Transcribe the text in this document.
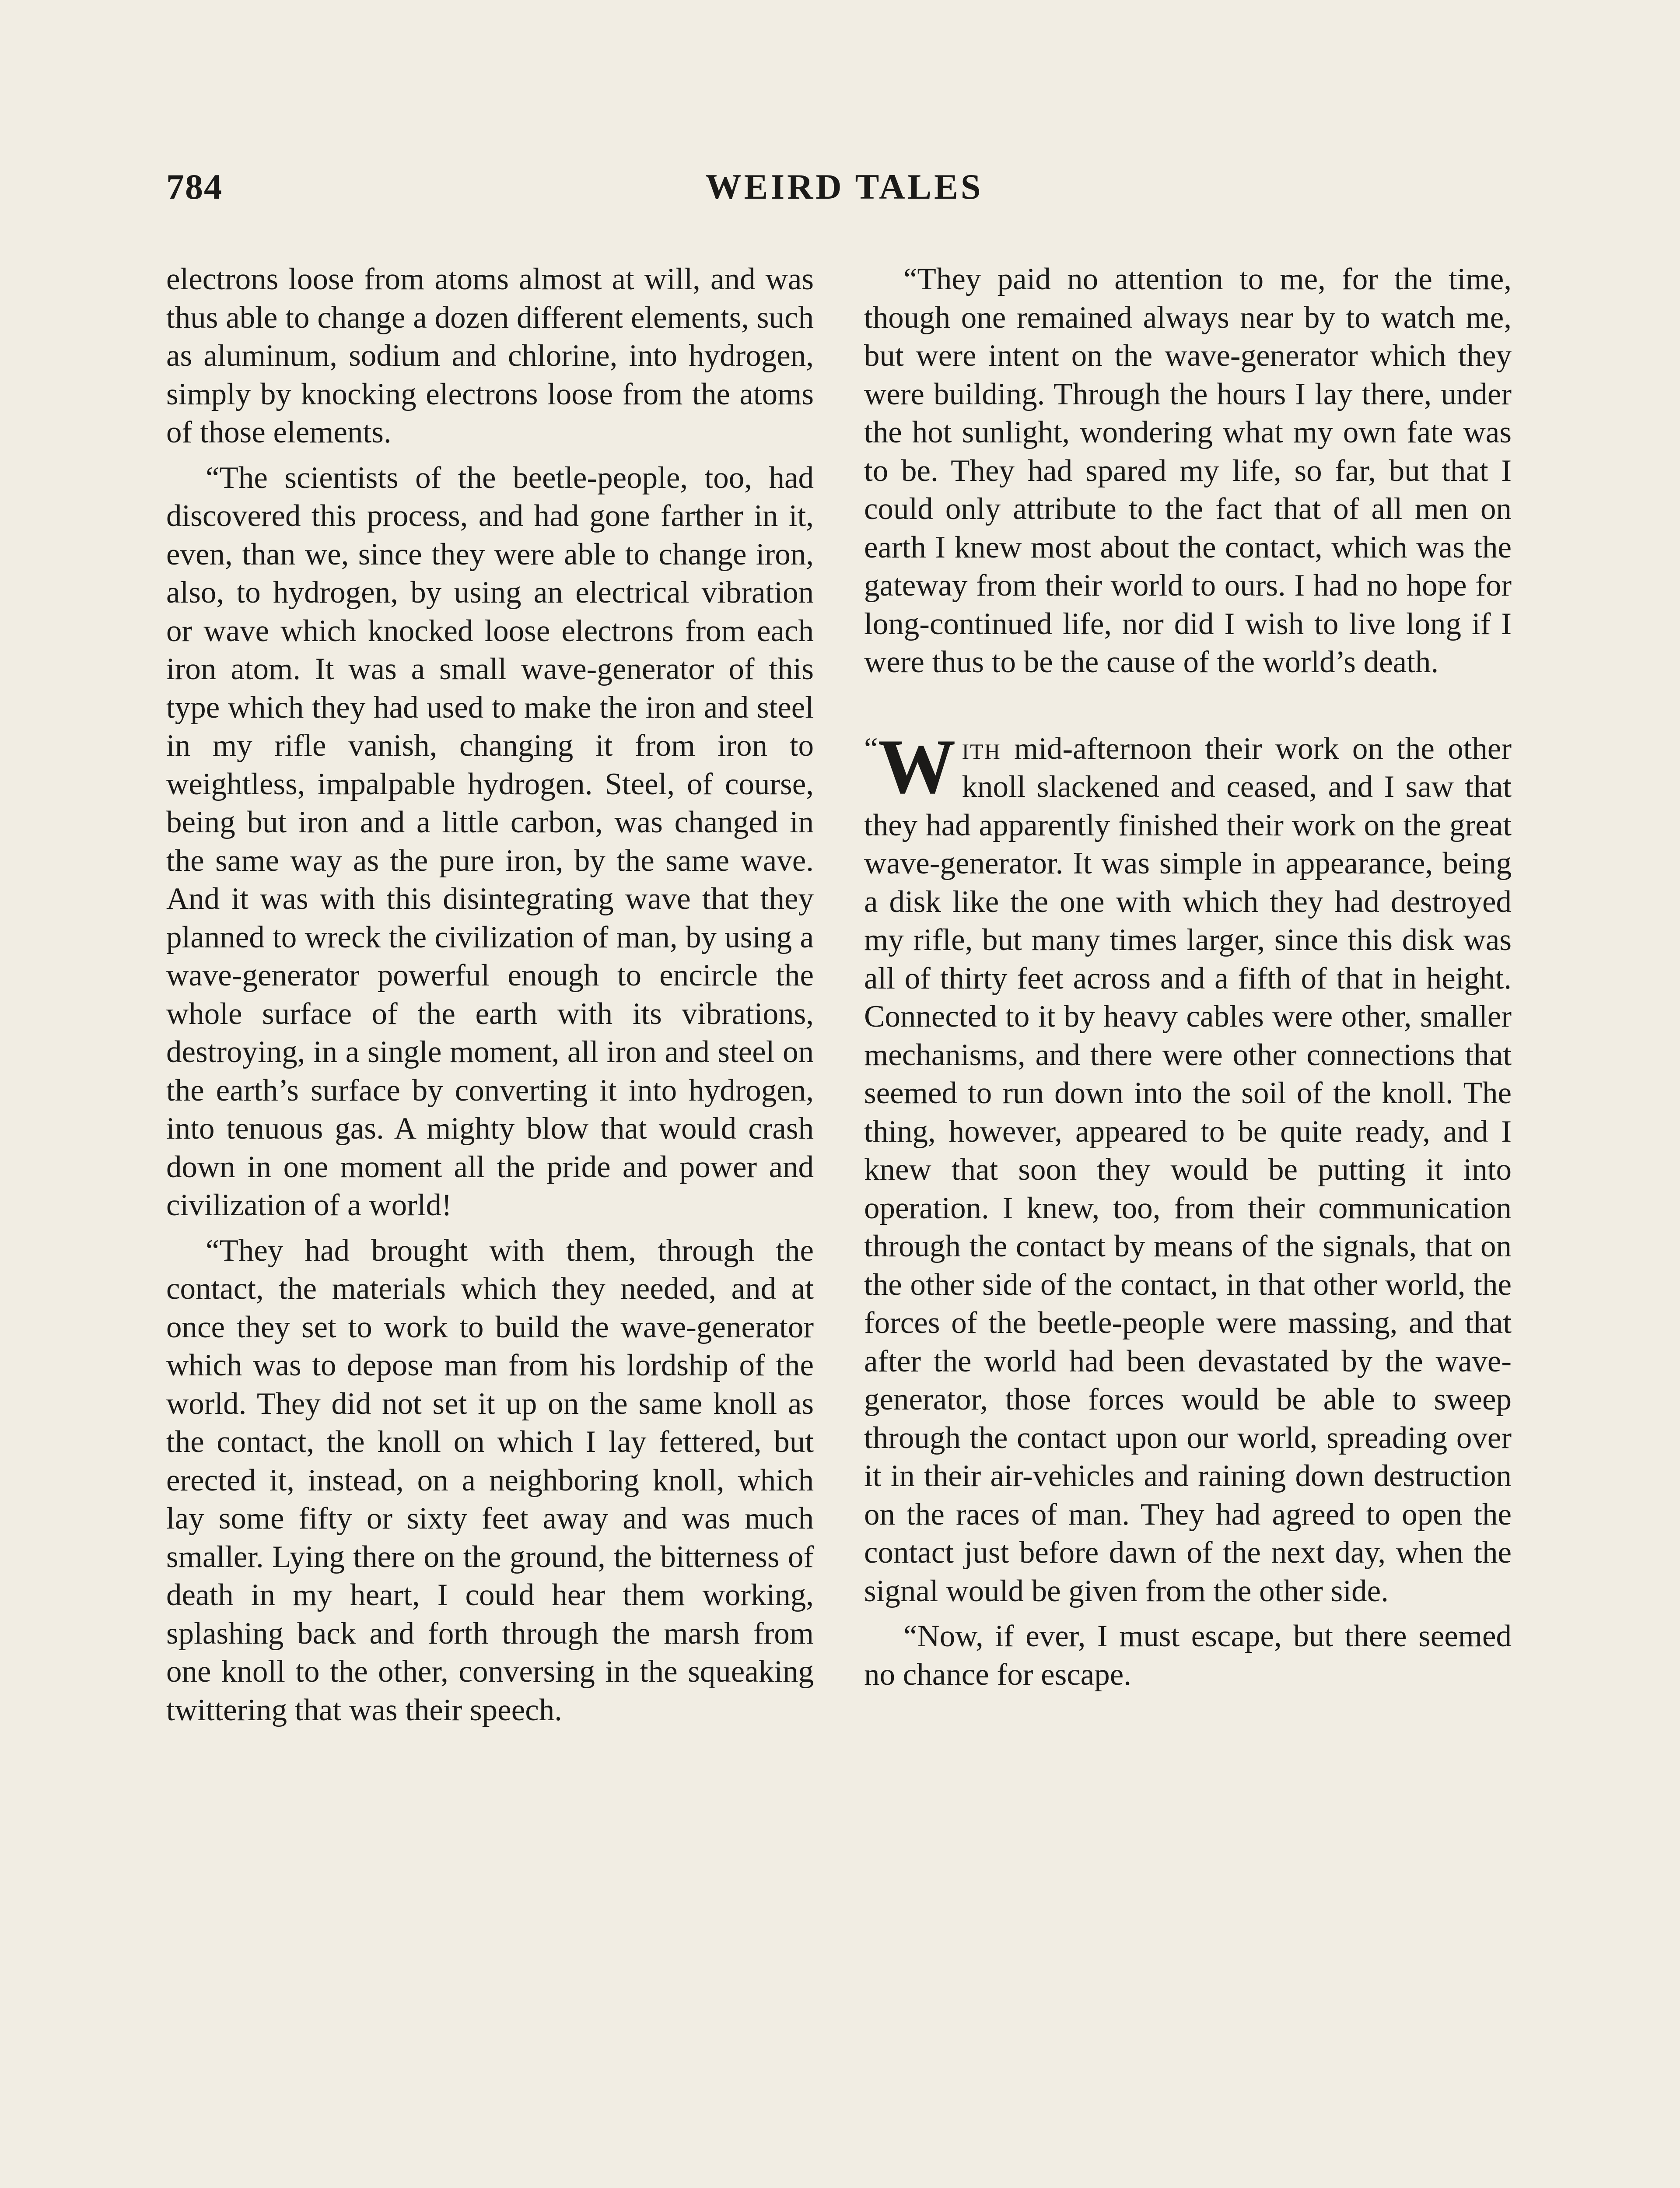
784	WEIRD TALES

electrons loose from atoms almost at will, and was thus able to change a dozen different elements, such as aluminum, sodium and chlorine, into hydrogen, simply by knocking electrons loose from the atoms of those elements.

“The scientists of the beetle-people, too, had discovered this process, and had gone farther in it, even, than we, since they were able to change iron, also, to hydrogen, by using an electrical vibration or wave which knocked loose electrons from each iron atom. It was a small wave-generator of this type which they had used to make the iron and steel in my rifle vanish, changing it from iron to weightless, impalpable hydrogen. Steel, of course, being but iron and a little carbon, was changed in the same way as the pure iron, by the same wave. And it was with this disintegrating wave that they planned to wreck the civilization of man, by using a wave-generator powerful enough to encircle the whole surface of the earth with its vibrations, destroying, in a single moment, all iron and steel on the earth’s surface by converting it into hydrogen, into tenuous gas. A mighty blow that would crash down in one moment all the pride and power and civilization of a world!

“They had brought with them, through the contact, the materials which they needed, and at once they set to work to build the wave-generator which was to depose man from his lordship of the world. They did not set it up on the same knoll as the contact, the knoll on which I lay fettered, but erected it, instead, on a neighboring knoll, which lay some fifty or sixty feet away and was much smaller. Lying there on the ground, the bitterness of death in my heart, I could hear them working, splashing back and forth through the marsh from one knoll to the other, conversing in the squeaking twittering that was their speech.

“They paid no attention to me, for the time, though one remained always near by to watch me, but were intent on the wave-generator which they were building. Through the hours I lay there, under the hot sunlight, wondering what my own fate was to be. They had spared my life, so far, but that I could only attribute to the fact that of all men on earth I knew most about the contact, which was the gateway from their world to ours. I had no hope for long-continued life, nor did I wish to live long if I were thus to be the cause of the world’s death.

“ W ith mid-afternoon their work on the other knoll slackened and ceased, and I saw that they had apparently finished their work on the great wave-generator. It was simple in appearance, being a disk like the one with which they had destroyed my rifle, but many times larger, since this disk was all of thirty feet across and a fifth of that in height. Connected to it by heavy cables were other, smaller mechanisms, and there were other connections that seemed to run down into the soil of the knoll. The thing, however, appeared to be quite ready, and I knew that soon they would be putting it into operation. I knew, too, from their communication through the contact by means of the signals, that on the other side of the contact, in that other world, the forces of the beetle-people were massing, and that after the world had been devastated by the wave-generator, those forces would be able to sweep through the contact upon our world, spreading over it in their air-vehicles and raining down destruction on the races of man. They had agreed to open the contact just before dawn of the next day, when the signal would be given from the other side.

“Now, if ever, I must escape, but there seemed no chance for escape.
